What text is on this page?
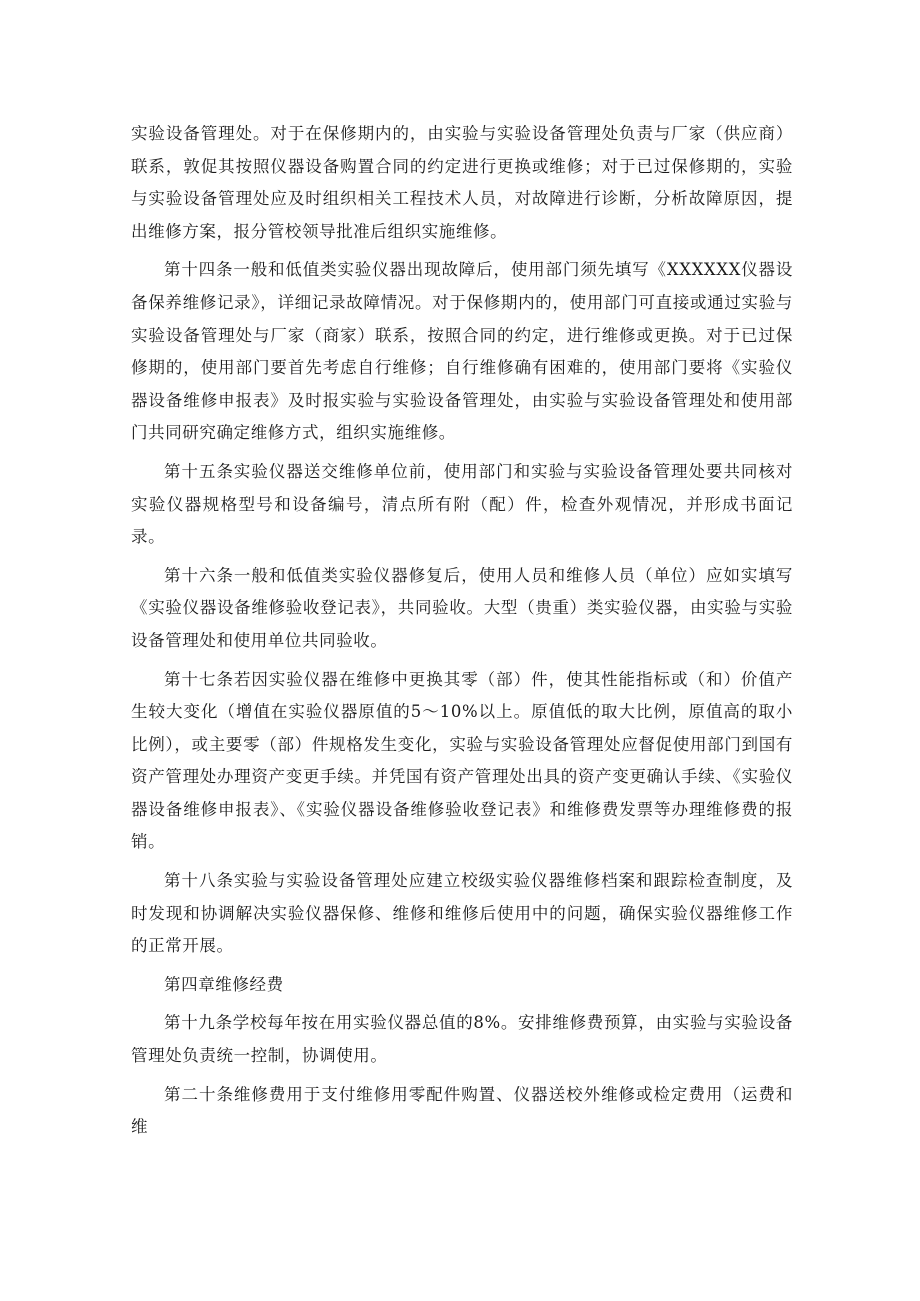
实验设备管理处。对于在保修期内的，由实验与实验设备管理处负责与厂家（供应商）联系，敦促其按照仪器设备购置合同的约定进行更换或维修；对于已过保修期的，实验与实验设备管理处应及时组织相关工程技术人员，对故障进行诊断，分析故障原因，提出维修方案，报分管校领导批准后组织实施维修。

第十四条一般和低值类实验仪器出现故障后，使用部门须先填写《XXXXXX仪器设备保养维修记录》，详细记录故障情况。对于保修期内的，使用部门可直接或通过实验与实验设备管理处与厂家（商家）联系，按照合同的约定，进行维修或更换。对于已过保修期的，使用部门要首先考虑自行维修；自行维修确有困难的，使用部门要将《实验仪器设备维修申报表》及时报实验与实验设备管理处，由实验与实验设备管理处和使用部门共同研究确定维修方式，组织实施维修。

第十五条实验仪器送交维修单位前，使用部门和实验与实验设备管理处要共同核对实验仪器规格型号和设备编号，清点所有附（配）件，检查外观情况，并形成书面记录。

第十六条一般和低值类实验仪器修复后，使用人员和维修人员（单位）应如实填写《实验仪器设备维修验收登记表》，共同验收。大型（贵重）类实验仪器，由实验与实验设备管理处和使用单位共同验收。

第十七条若因实验仪器在维修中更换其零（部）件，使其性能指标或（和）价值产生较大变化（增值在实验仪器原值的5～10%以上。原值低的取大比例，原值高的取小比例），或主要零（部）件规格发生变化，实验与实验设备管理处应督促使用部门到国有资产管理处办理资产变更手续。并凭国有资产管理处出具的资产变更确认手续、《实验仪器设备维修申报表》、《实验仪器设备维修验收登记表》和维修费发票等办理维修费的报销。

第十八条实验与实验设备管理处应建立校级实验仪器维修档案和跟踪检查制度，及时发现和协调解决实验仪器保修、维修和维修后使用中的问题，确保实验仪器维修工作的正常开展。

第四章维修经费

第十九条学校每年按在用实验仪器总值的8%。安排维修费预算，由实验与实验设备管理处负责统一控制，协调使用。

第二十条维修费用于支付维修用零配件购置、仪器送校外维修或检定费用（运费和维
